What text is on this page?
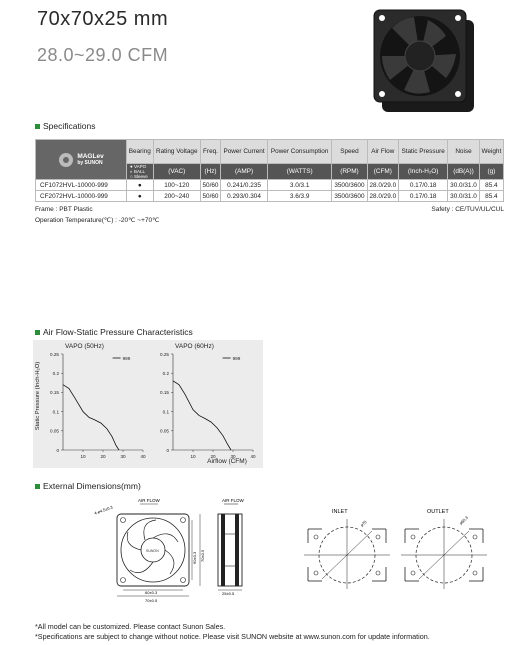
70x70x25 mm
28.0~29.0 CFM
Specifications
MAGLev
by SUNON	Bearing	Rating Voltage	Freq.	Power Current	Power Consumption	Speed	Air Flow	Static Pressure	Noise	Weight

	● VAPO
◐ BALL
○ Sleeve	(VAC)	(Hz)	(AMP)	(WATTS)	(RPM)	(CFM)	(Inch-H₂O)	(dB(A))	(g)
CF1072HVL-10000-999	●	100~120	50/60	0.241/0.235	3.0/3.1	3500/3600	28.0/29.0	0.17/0.18	30.0/31.0	85.4
CF2072HVL-10000-999	●	200~240	50/60	0.293/0.304	3.6/3.9	3500/3600	28.0/29.0	0.17/0.18	30.0/31.0	85.4
Frame : PBT Plastic
Operation Temperature(℃) : -20℃ ~+70℃
Safety : CE/TUV/UL/CUL
Air Flow-Static Pressure Characteristics
Static Pressure (Inch-H₂O)
Airflow (CFM)
VAPO (50Hz)
0.25
0.2
0.15
0.1
0.05
0
10	20	30	40
999
VAPO (60Hz)
0.25
0.2
0.15
0.1
0.05
0
10	20	30	40
999
External Dimensions(mm)
AIR FLOW
4-ø4.5±0.3
SUNON
60±0.3
70±0.5
60±0.3 70±0.5
AIR FLOW
25±0.5
INLET
ø75
OUTLET
ø65.3
*All model can be customized. Please contact Sunon Sales.
*Specifications are subject to change without notice. Please visit SUNON website at www.sunon.com for update information.
